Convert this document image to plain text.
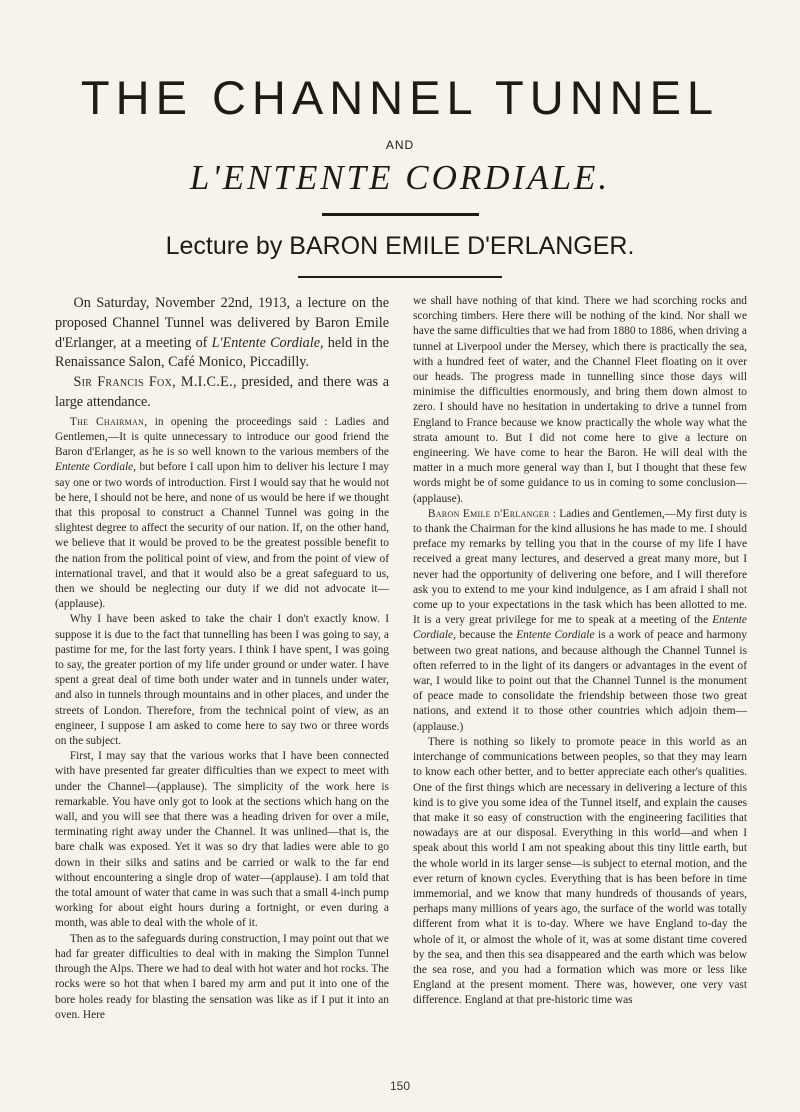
THE CHANNEL TUNNEL
AND
L'ENTENTE CORDIALE.
Lecture by BARON EMILE D'ERLANGER.

On Saturday, November 22nd, 1913, a lecture on the proposed Channel Tunnel was delivered by Baron Emile d'Erlanger, at a meeting of L'Entente Cordiale, held in the Renaissance Salon, Café Monico, Piccadilly.

Sir Francis Fox, M.I.C.E., presided, and there was a large attendance.

The Chairman, in opening the proceedings said : Ladies and Gentlemen,—It is quite unnecessary to introduce our good friend the Baron d'Erlanger, as he is so well known to the various members of the Entente Cordiale, but before I call upon him to deliver his lecture I may say one or two words of introduction. First I would say that he would not be here, I should not be here, and none of us would be here if we thought that this proposal to construct a Channel Tunnel was going in the slightest degree to affect the security of our nation. If, on the other hand, we believe that it would be proved to be the greatest possible benefit to the nation from the political point of view, and from the point of view of international travel, and that it would also be a great safeguard to us, then we should be neglecting our duty if we did not advocate it—(applause).

Why I have been asked to take the chair I don't exactly know. I suppose it is due to the fact that tunnelling has been I was going to say, a pastime for me, for the last forty years. I think I have spent, I was going to say, the greater portion of my life under ground or under water. I have spent a great deal of time both under water and in tunnels under water, and also in tunnels through mountains and in other places, and under the streets of London. Therefore, from the technical point of view, as an engineer, I suppose I am asked to come here to say two or three words on the subject.

First, I may say that the various works that I have been connected with have presented far greater difficulties than we expect to meet with under the Channel—(applause). The simplicity of the work here is remarkable. You have only got to look at the sections which hang on the wall, and you will see that there was a heading driven for over a mile, terminating right away under the Channel. It was unlined—that is, the bare chalk was exposed. Yet it was so dry that ladies were able to go down in their silks and satins and be carried or walk to the far end without encountering a single drop of water—(applause). I am told that the total amount of water that came in was such that a small 4-inch pump working for about eight hours during a fortnight, or even during a month, was able to deal with the whole of it.

Then as to the safeguards during construction, I may point out that we had far greater difficulties to deal with in making the Simplon Tunnel through the Alps. There we had to deal with hot water and hot rocks. The rocks were so hot that when I bared my arm and put it into one of the bore holes ready for blasting the sensation was like as if I put it into an oven. Here

we shall have nothing of that kind. There we had scorching rocks and scorching timbers. Here there will be nothing of the kind. Nor shall we have the same difficulties that we had from 1880 to 1886, when driving a tunnel at Liverpool under the Mersey, which there is practically the sea, with a hundred feet of water, and the Channel Fleet floating on it over our heads. The progress made in tunnelling since those days will minimise the difficulties enormously, and bring them down almost to zero. I should have no hesitation in undertaking to drive a tunnel from England to France because we know practically the whole way what the strata amount to. But I did not come here to give a lecture on engineering. We have come to hear the Baron. He will deal with the matter in a much more general way than I, but I thought that these few words might be of some guidance to us in coming to some conclusion—(applause).

Baron Emile d'Erlanger : Ladies and Gentlemen,—My first duty is to thank the Chairman for the kind allusions he has made to me. I should preface my remarks by telling you that in the course of my life I have received a great many lectures, and deserved a great many more, but I never had the opportunity of delivering one before, and I will therefore ask you to extend to me your kind indulgence, as I am afraid I shall not come up to your expectations in the task which has been allotted to me. It is a very great privilege for me to speak at a meeting of the Entente Cordiale, because the Entente Cordiale is a work of peace and harmony between two great nations, and because although the Channel Tunnel is often referred to in the light of its dangers or advantages in the event of war, I would like to point out that the Channel Tunnel is the monument of peace made to consolidate the friendship between those two great nations, and extend it to those other countries which adjoin them—(applause.)

There is nothing so likely to promote peace in this world as an interchange of communications between peoples, so that they may learn to know each other better, and to better appreciate each other's qualities. One of the first things which are necessary in delivering a lecture of this kind is to give you some idea of the Tunnel itself, and explain the causes that make it so easy of construction with the engineering facilities that nowadays are at our disposal. Everything in this world—and when I speak about this world I am not speaking about this tiny little earth, but the whole world in its larger sense—is subject to eternal motion, and the ever return of known cycles. Everything that is has been before in time immemorial, and we know that many hundreds of thousands of years, perhaps many millions of years ago, the surface of the world was totally different from what it is to-day. Where we have England to-day the whole of it, or almost the whole of it, was at some distant time covered by the sea, and then this sea disappeared and the earth which was below the sea rose, and you had a formation which was more or less like England at the present moment. There was, however, one very vast difference. England at that pre-historic time was

150
